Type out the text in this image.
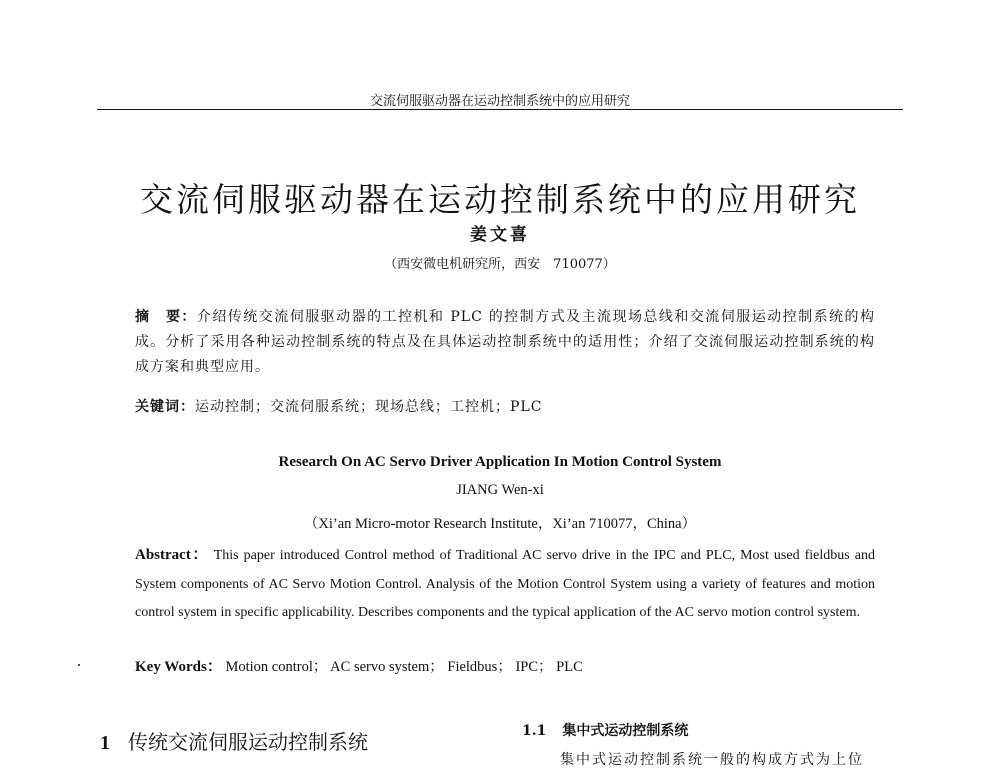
交流伺服驱动器在运动控制系统中的应用研究
交流伺服驱动器在运动控制系统中的应用研究
姜文喜
（西安微电机研究所，西安　710077）
摘　要：介绍传统交流伺服驱动器的工控机和 PLC 的控制方式及主流现场总线和交流伺服运动控制系统的构成。分析了采用各种运动控制系统的特点及在具体运动控制系统中的适用性；介绍了交流伺服运动控制系统的构成方案和典型应用。
关键词：运动控制；交流伺服系统；现场总线；工控机；PLC
Research On AC Servo Driver Application In Motion Control System
JIANG Wen-xi
（Xi’an Micro-motor Research Institute，Xi’an 710077，China）
Abstract： This paper introduced Control method of Traditional AC servo drive in the IPC and PLC, Most used fieldbus and System components of AC Servo Motion Control. Analysis of the Motion Control System using a variety of features and motion control system in specific applicability. Describes components and the typical application of the AC servo motion control system.
Key Words： Motion control； AC servo system； Fieldbus； IPC； PLC
1 传统交流伺服运动控制系统	1.1 集中式运动控制系统
集中式运动控制系统一般的构成方式为上位
